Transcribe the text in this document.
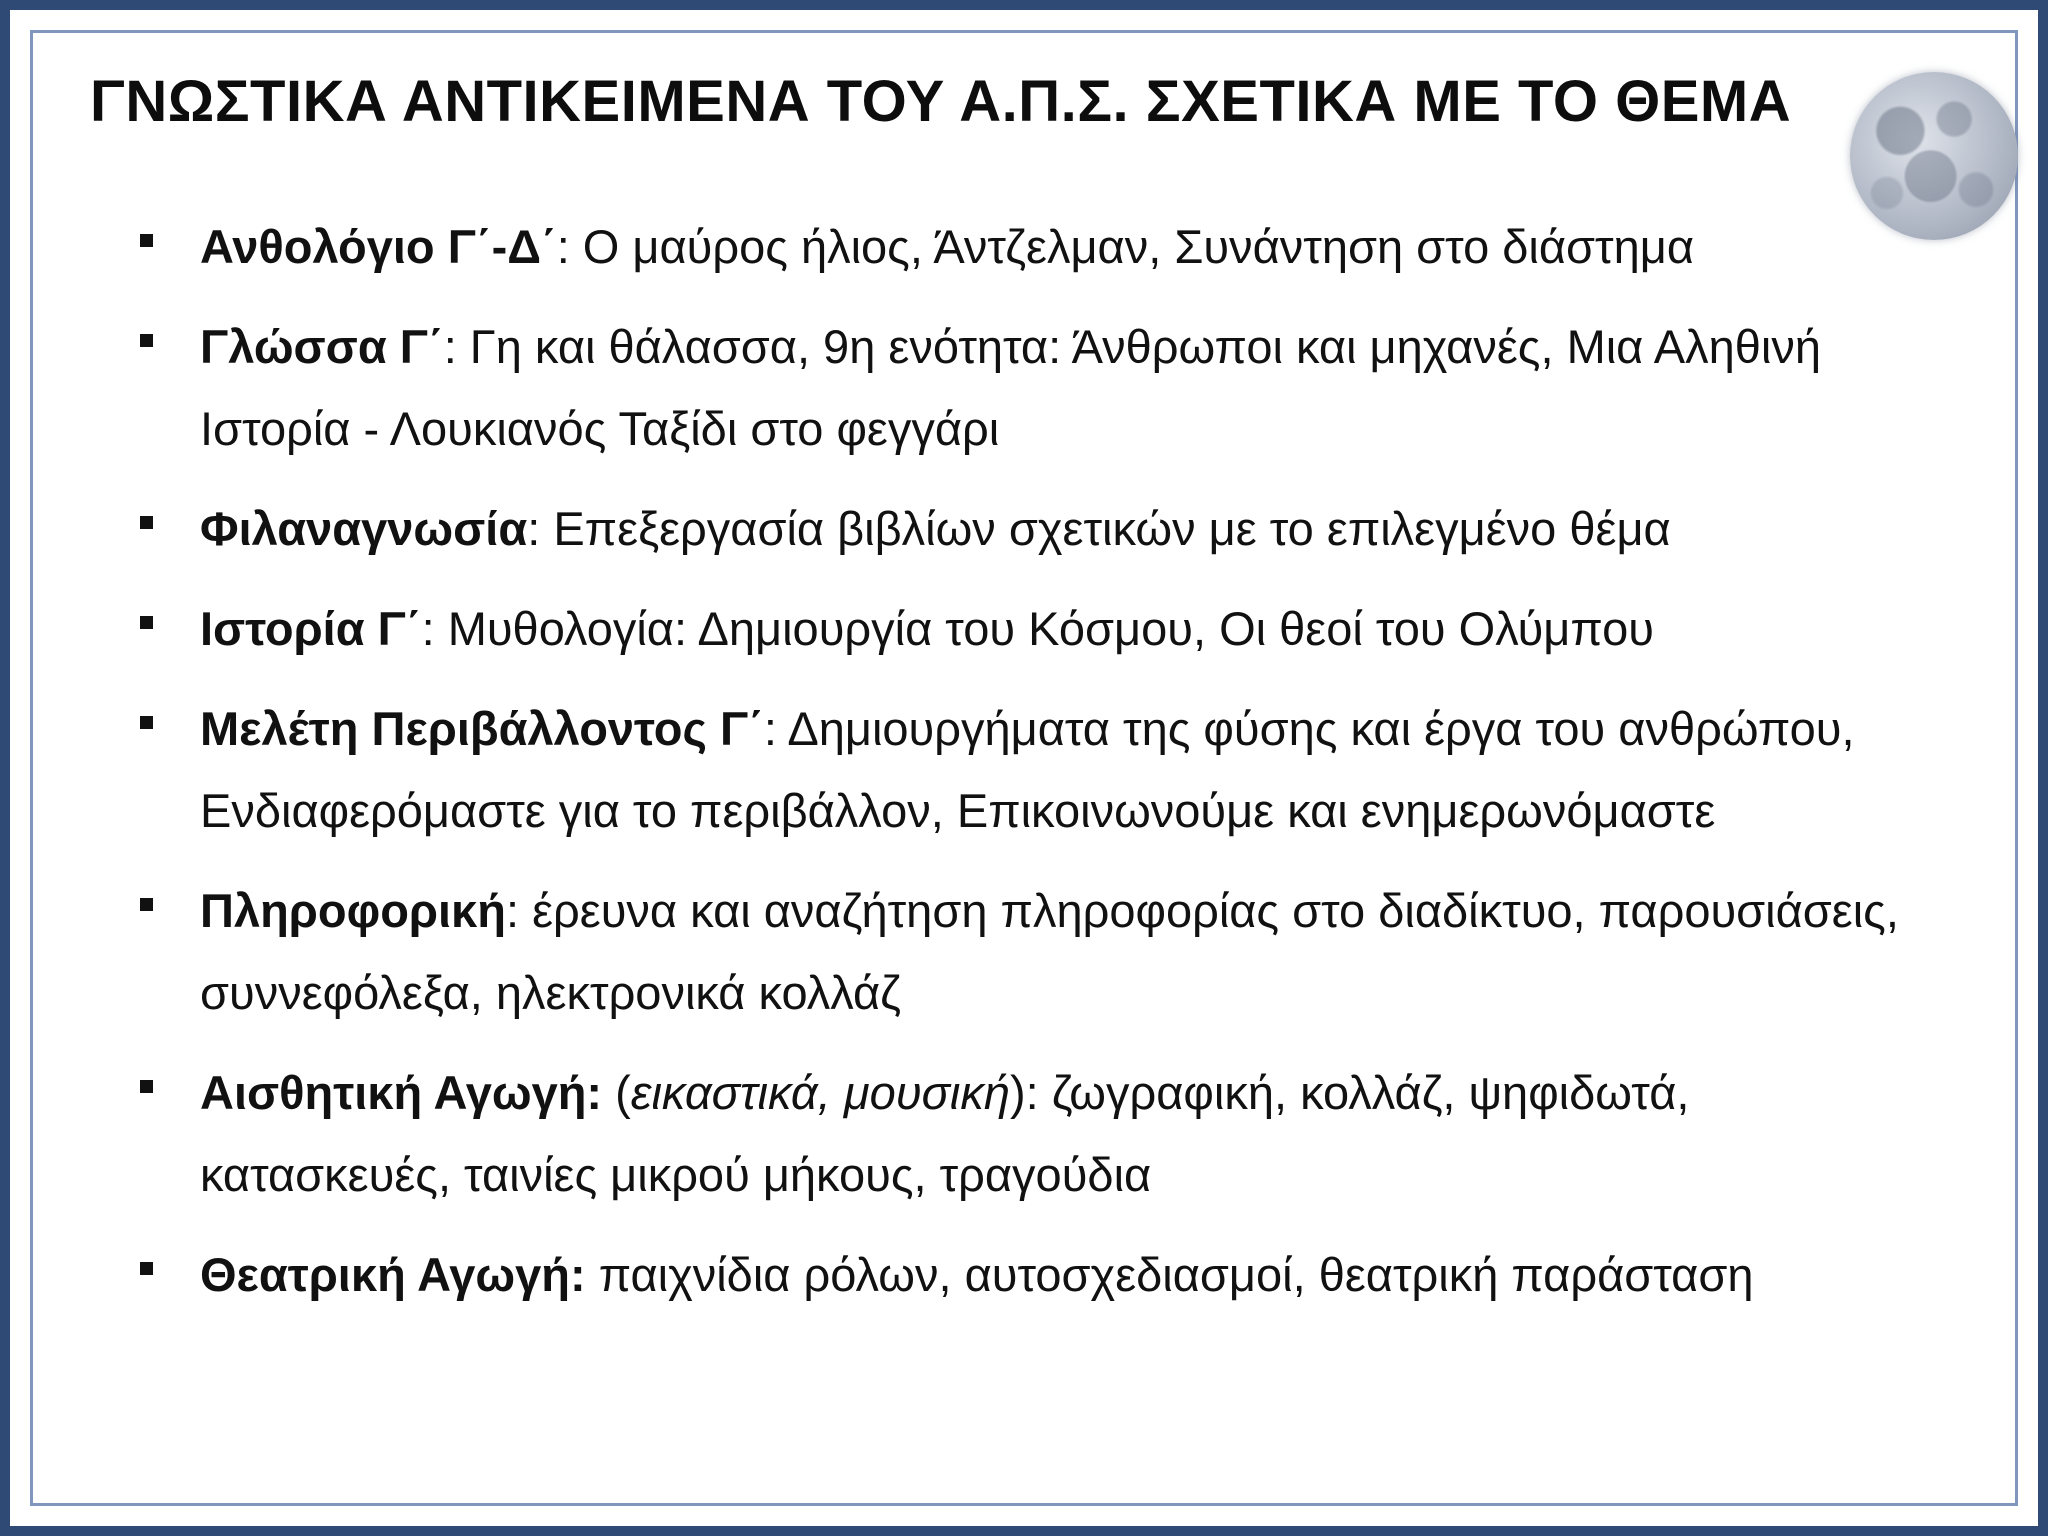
ΓΝΩΣΤΙΚΑ ΑΝΤΙΚΕΙΜΕΝΑ ΤΟΥ Α.Π.Σ. ΣΧΕΤΙΚΑ ΜΕ ΤΟ ΘΕΜΑ
Ανθολόγιο Γ΄-Δ΄: Ο μαύρος ήλιος, Άντζελμαν, Συνάντηση στο διάστημα
Γλώσσα Γ΄: Γη και θάλασσα, 9η ενότητα: Άνθρωποι και μηχανές, Μια Αληθινή Ιστορία - Λουκιανός Ταξίδι στο φεγγάρι
Φιλαναγνωσία: Επεξεργασία βιβλίων σχετικών με το επιλεγμένο θέμα
Ιστορία Γ΄: Μυθολογία: Δημιουργία του Κόσμου, Οι θεοί του Ολύμπου
Μελέτη Περιβάλλοντος Γ΄: Δημιουργήματα της φύσης και έργα του ανθρώπου, Ενδιαφερόμαστε για το περιβάλλον, Επικοινωνούμε και ενημερωνόμαστε
Πληροφορική: έρευνα και αναζήτηση πληροφορίας στο διαδίκτυο, παρουσιάσεις, συννεφόλεξα, ηλεκτρονικά κολλάζ
Αισθητική Αγωγή: (εικαστικά, μουσική): ζωγραφική, κολλάζ, ψηφιδωτά, κατασκευές, ταινίες μικρού μήκους, τραγούδια
Θεατρική Αγωγή: παιχνίδια ρόλων, αυτοσχεδιασμοί, θεατρική παράσταση
